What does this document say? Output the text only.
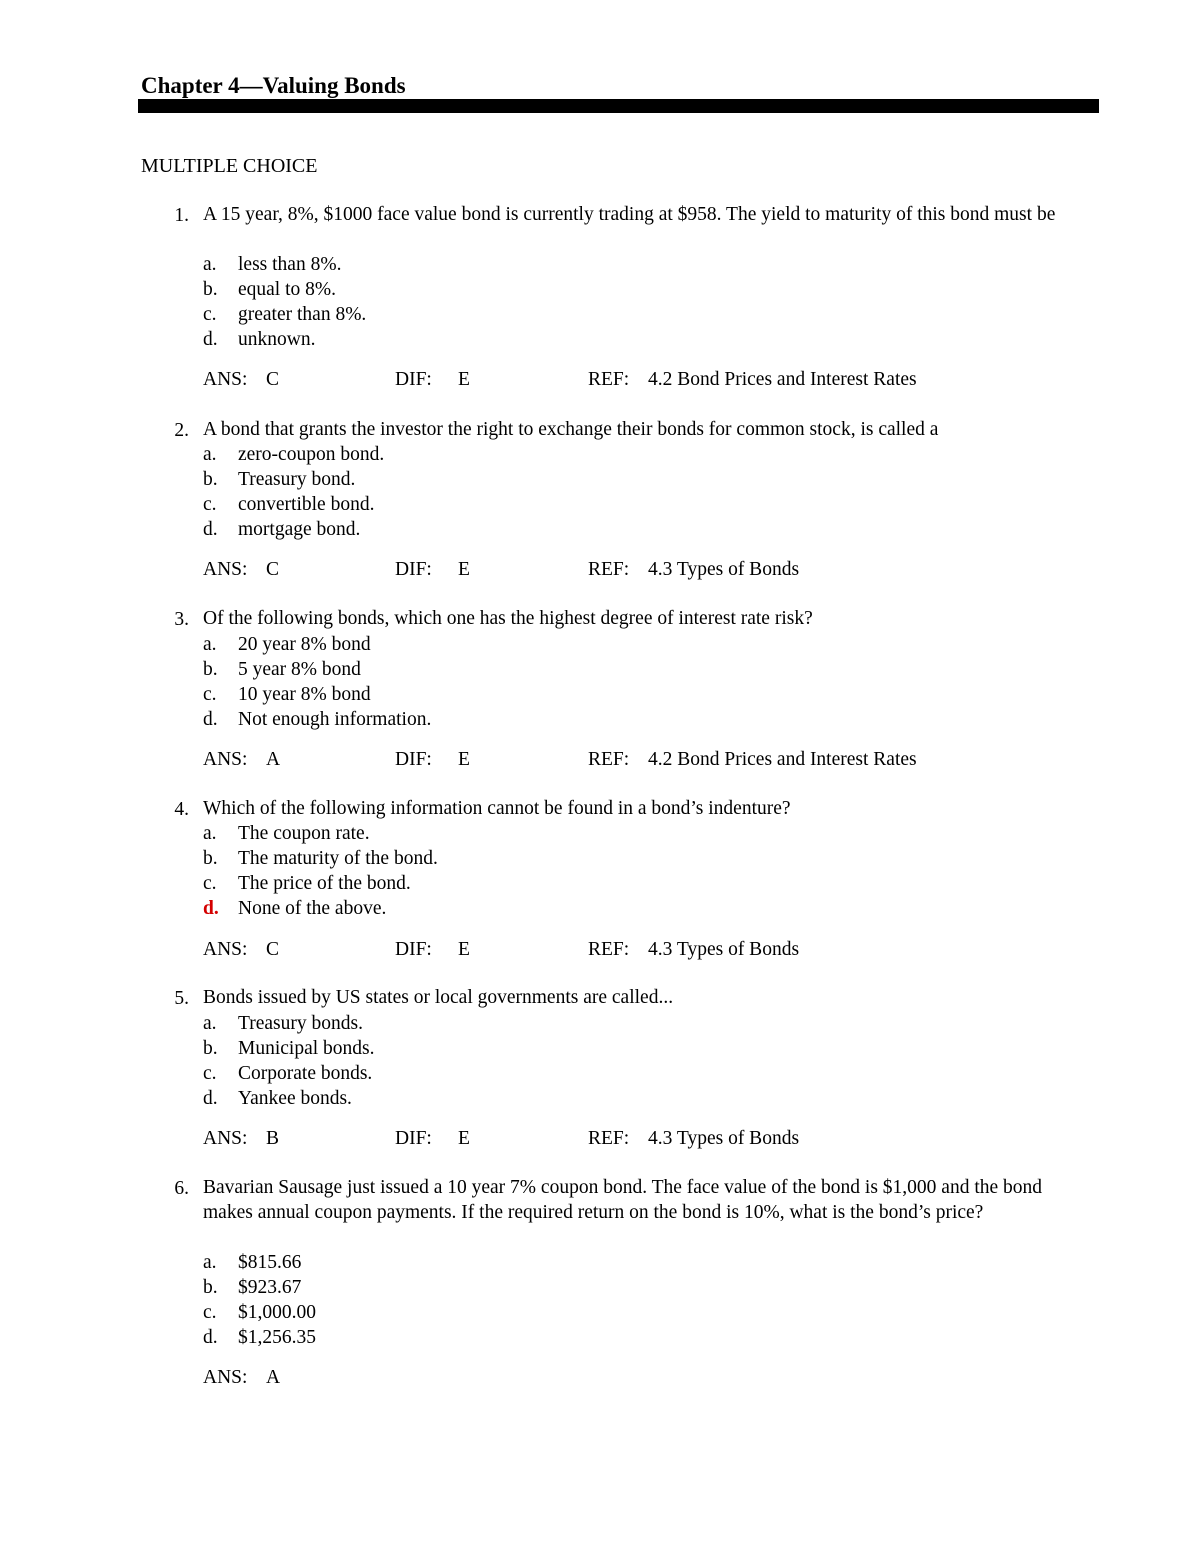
Chapter 4—Valuing Bonds
MULTIPLE CHOICE
1. A 15 year, 8%, $1000 face value bond is currently trading at $958. The yield to maturity of this bond must be
a. less than 8%.
b. equal to 8%.
c. greater than 8%.
d. unknown.
ANS: C	DIF: E	REF: 4.2 Bond Prices and Interest Rates
2. A bond that grants the investor the right to exchange their bonds for common stock, is called a
a. zero-coupon bond.
b. Treasury bond.
c. convertible bond.
d. mortgage bond.
ANS: C	DIF: E	REF: 4.3 Types of Bonds
3. Of the following bonds, which one has the highest degree of interest rate risk?
a. 20 year 8% bond
b. 5 year 8% bond
c. 10 year 8% bond
d. Not enough information.
ANS: A	DIF: E	REF: 4.2 Bond Prices and Interest Rates
4. Which of the following information cannot be found in a bond’s indenture?
a. The coupon rate.
b. The maturity of the bond.
c. The price of the bond.
d. None of the above.
ANS: C	DIF: E	REF: 4.3 Types of Bonds
5. Bonds issued by US states or local governments are called...
a. Treasury bonds.
b. Municipal bonds.
c. Corporate bonds.
d. Yankee bonds.
ANS: B	DIF: E	REF: 4.3 Types of Bonds
6. Bavarian Sausage just issued a 10 year 7% coupon bond. The face value of the bond is $1,000 and the bond makes annual coupon payments. If the required return on the bond is 10%, what is the bond’s price?
a. $815.66
b. $923.67
c. $1,000.00
d. $1,256.35
ANS: A
